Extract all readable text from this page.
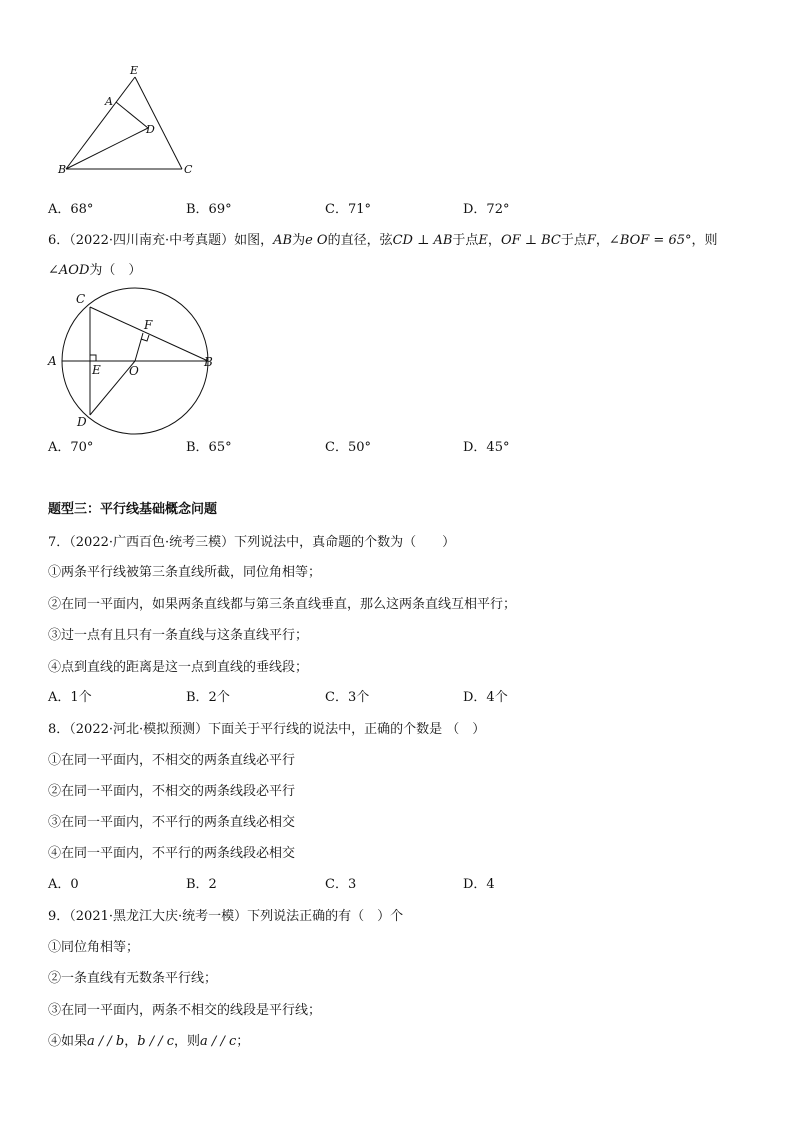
E
A
D
B	C
A．68°	B．69°	C．71°	D．72°
6．（2022·四川南充·中考真题）如图，AB为e O的直径，弦CD ⊥ AB于点E，OF ⊥ BC于点F，∠BOF = 65°，则
∠AOD为（　）
C
F
A
E O
B
D
A．70°	B．65°	C．50°	D．45°
题型三：平行线基础概念问题
7．（2022·广西百色·统考三模）下列说法中，真命题的个数为（　　）
①两条平行线被第三条直线所截，同位角相等；
②在同一平面内，如果两条直线都与第三条直线垂直，那么这两条直线互相平行；
③过一点有且只有一条直线与这条直线平行；
④点到直线的距离是这一点到直线的垂线段；
A．1个	B．2个	C．3个	D．4个
8．（2022·河北·模拟预测）下面关于平行线的说法中，正确的个数是 （　）
①在同一平面内，不相交的两条直线必平行
②在同一平面内，不相交的两条线段必平行
③在同一平面内，不平行的两条直线必相交
④在同一平面内，不平行的两条线段必相交
A．0	B．2	C．3	D．4
9．（2021·黑龙江大庆·统考一模）下列说法正确的有（　）个
①同位角相等；
②一条直线有无数条平行线；
③在同一平面内，两条不相交的线段是平行线；
④如果a / / b，b / / c，则a / / c；
